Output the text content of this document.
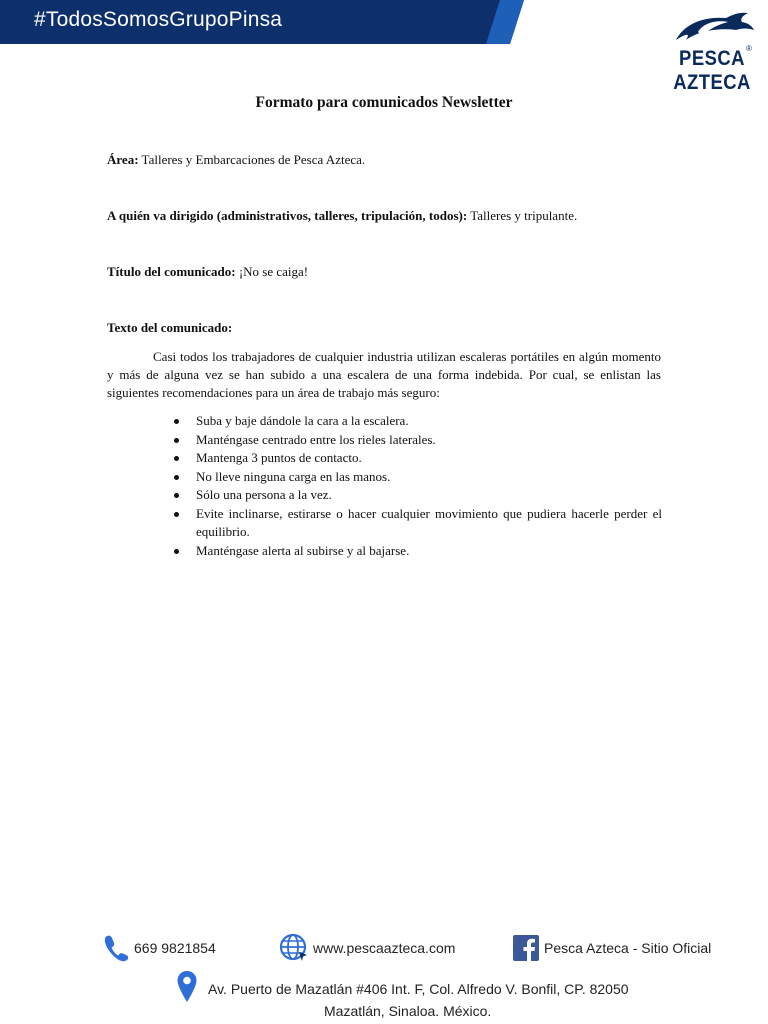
#TodosSomosGrupoPinsa
PESCA
AZTECA
®
Formato para comunicados Newsletter
Área: Talleres y Embarcaciones de Pesca Azteca.
A quién va dirigido (administrativos, talleres, tripulación, todos): Talleres y tripulante.
Título del comunicado: ¡No se caiga!
Texto del comunicado:

Casi todos los trabajadores de cualquier industria utilizan escaleras portátiles en algún momento y más de alguna vez se han subido a una escalera de una forma indebida. Por cual, se enlistan las siguientes recomendaciones para un área de trabajo más seguro:

Suba y baje dándole la cara a la escalera.
Manténgase centrado entre los rieles laterales.
Mantenga 3 puntos de contacto.
No lleve ninguna carga en las manos.
Sólo una persona a la vez.
Evite inclinarse, estirarse o hacer cualquier movimiento que pudiera hacerle perder el equilibrio.
Manténgase alerta al subirse y al bajarse.
669 9821854	www.pescaazteca.com	Pesca Azteca - Sitio Oficial
Av. Puerto de Mazatlán #406 Int. F, Col. Alfredo V. Bonfil, CP. 82050
Mazatlán, Sinaloa. México.
